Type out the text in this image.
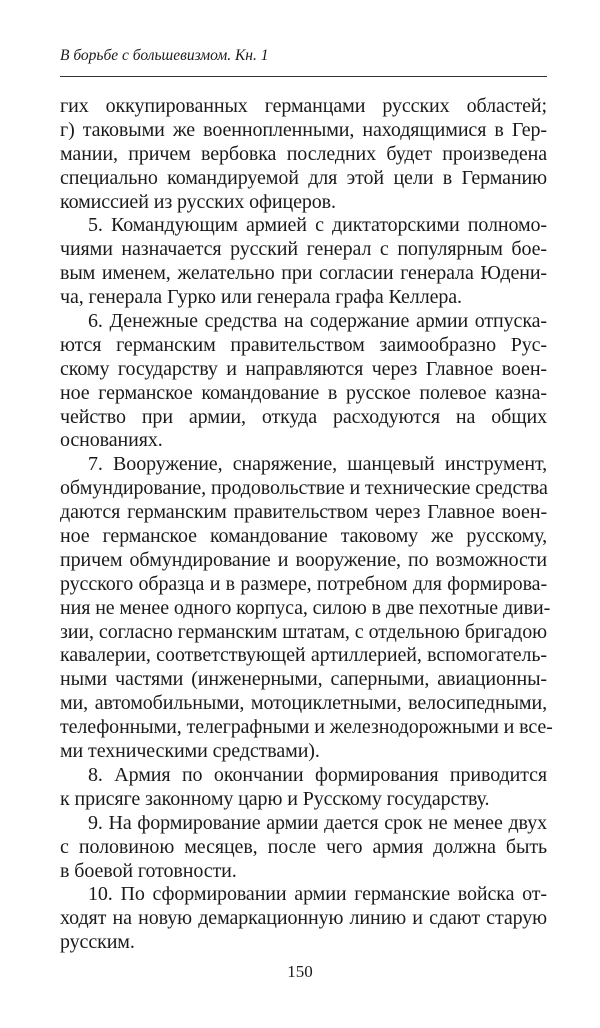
В борьбе с большевизмом. Кн. 1
гих оккупированных германцами русских областей;
г) таковыми же военнопленными, находящимися в Гер-
мании, причем вербовка последних будет произведена
специально командируемой для этой цели в Германию
комиссией из русских офицеров.
5. Командующим армией с диктаторскими полномо-
чиями назначается русский генерал с популярным бое-
вым именем, желательно при согласии генерала Юдени-
ча, генерала Гурко или генерала графа Келлера.
6. Денежные средства на содержание армии отпуска-
ются германским правительством заимообразно Рус-
скому государству и направляются через Главное воен-
ное германское командование в русское полевое казна-
чейство при армии, откуда расходуются на общих
основаниях.
7. Вооружение, снаряжение, шанцевый инструмент,
обмундирование, продовольствие и технические средства
даются германским правительством через Главное воен-
ное германское командование таковому же русскому,
причем обмундирование и вооружение, по возможности
русского образца и в размере, потребном для формирова-
ния не менее одного корпуса, силою в две пехотные диви-
зии, согласно германским штатам, с отдельною бригадою
кавалерии, соответствующей артиллерией, вспомогатель-
ными частями (инженерными, саперными, авиационны-
ми, автомобильными, мотоциклетными, велосипедными,
телефонными, телеграфными и железнодорожными и все-
ми техническими средствами).
8. Армия по окончании формирования приводится
к присяге законному царю и Русскому государству.
9. На формирование армии дается срок не менее двух
с половиною месяцев, после чего армия должна быть
в боевой готовности.
10. По сформировании армии германские войска от-
ходят на новую демаркационную линию и сдают старую
русским.
150
